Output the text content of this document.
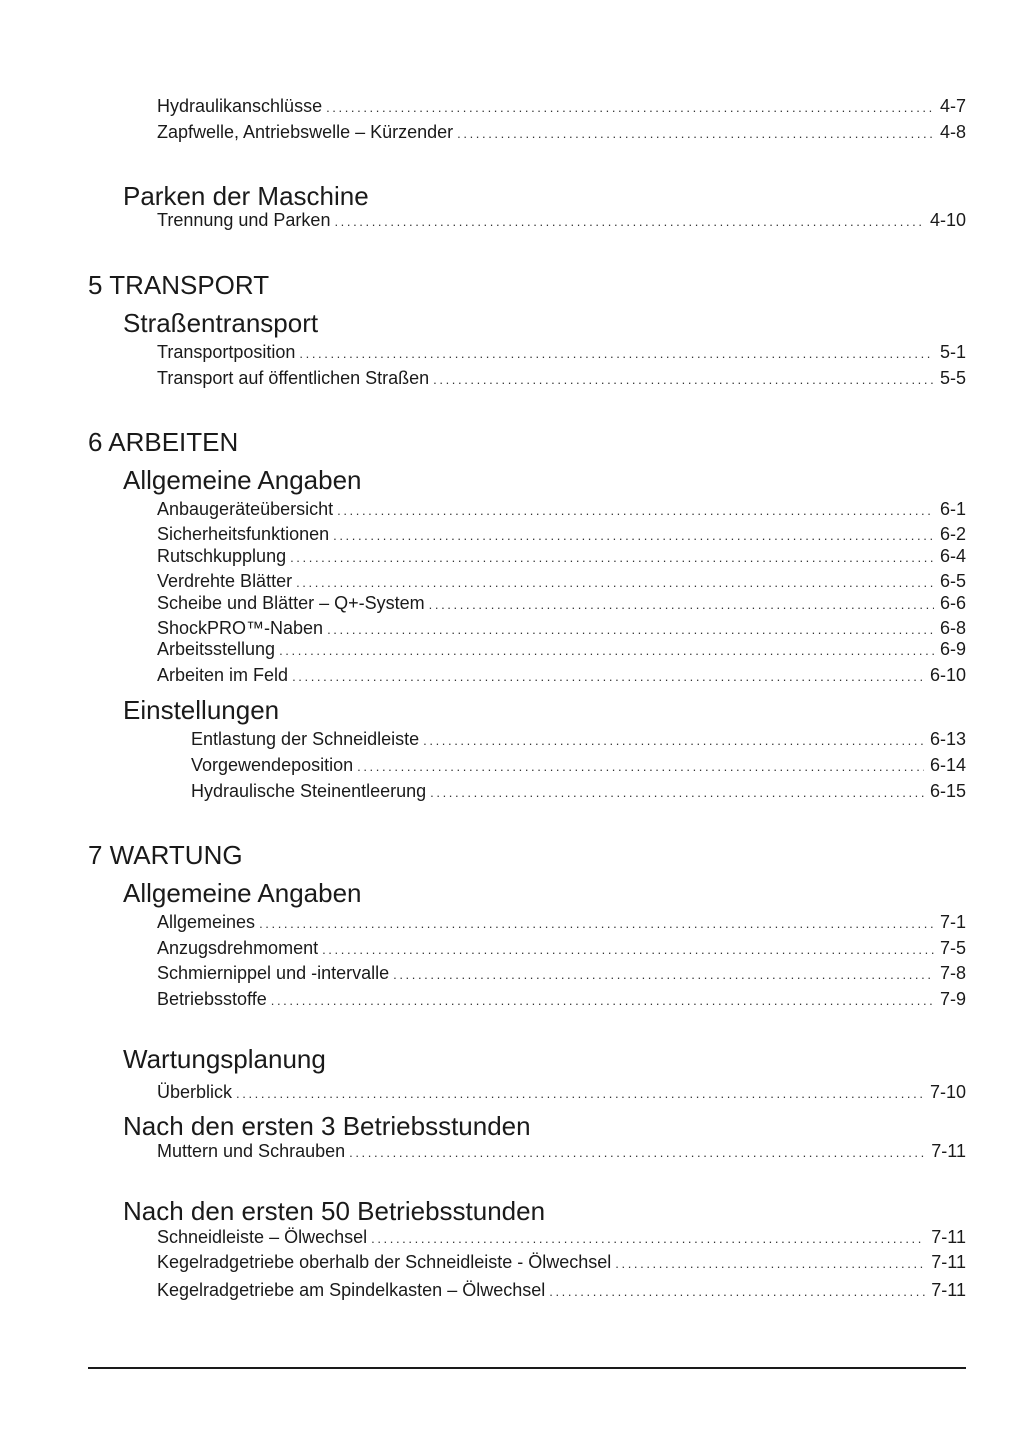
Hydraulikanschlüsse .....	4-7
Zapfwelle, Antriebswelle – Kürzender .....	4-8
Parken der Maschine
Trennung und Parken .....	4-10
5 TRANSPORT
Straßentransport
Transportposition .....	5-1
Transport auf öffentlichen Straßen .....	5-5
6 ARBEITEN
Allgemeine Angaben
Anbaugeräteübersicht .....	6-1
Sicherheitsfunktionen .....	6-2
Rutschkupplung .....	6-4
Verdrehte Blätter .....	6-5
Scheibe und Blätter – Q+-System .....	6-6
ShockPRO™-Naben .....	6-8
Arbeitsstellung .....	6-9
Arbeiten im Feld .....	6-10
Einstellungen
Entlastung der Schneidleiste .....	6-13
Vorgewendeposition .....	6-14
Hydraulische Steinentleerung .....	6-15
7 WARTUNG
Allgemeine Angaben
Allgemeines .....	7-1
Anzugsdrehmoment .....	7-5
Schmiernippel und -intervalle .....	7-8
Betriebsstoffe .....	7-9
Wartungsplanung
Überblick .....	7-10
Nach den ersten 3 Betriebsstunden
Muttern und Schrauben .....	7-11
Nach den ersten 50 Betriebsstunden
Schneidleiste – Ölwechsel .....	7-11
Kegelradgetriebe oberhalb der Schneidleiste - Ölwechsel .....	7-11
Kegelradgetriebe am Spindelkasten – Ölwechsel .....	7-11
